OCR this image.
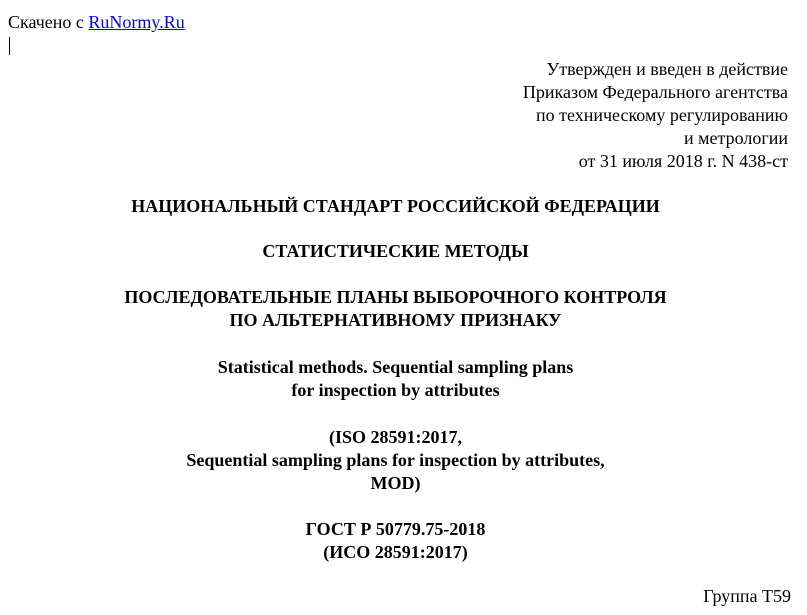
Скачено с RuNormy.Ru
Утвержден и введен в действие
Приказом Федерального агентства
по техническому регулированию
и метрологии
от 31 июля 2018 г. N 438-ст
НАЦИОНАЛЬНЫЙ СТАНДАРТ РОССИЙСКОЙ ФЕДЕРАЦИИ
СТАТИСТИЧЕСКИЕ МЕТОДЫ
ПОСЛЕДОВАТЕЛЬНЫЕ ПЛАНЫ ВЫБОРОЧНОГО КОНТРОЛЯ
ПО АЛЬТЕРНАТИВНОМУ ПРИЗНАКУ
Statistical methods. Sequential sampling plans
for inspection by attributes
(ISO 28591:2017,
Sequential sampling plans for inspection by attributes,
MOD)
ГОСТ Р 50779.75-2018
(ИСО 28591:2017)
Группа Т59
